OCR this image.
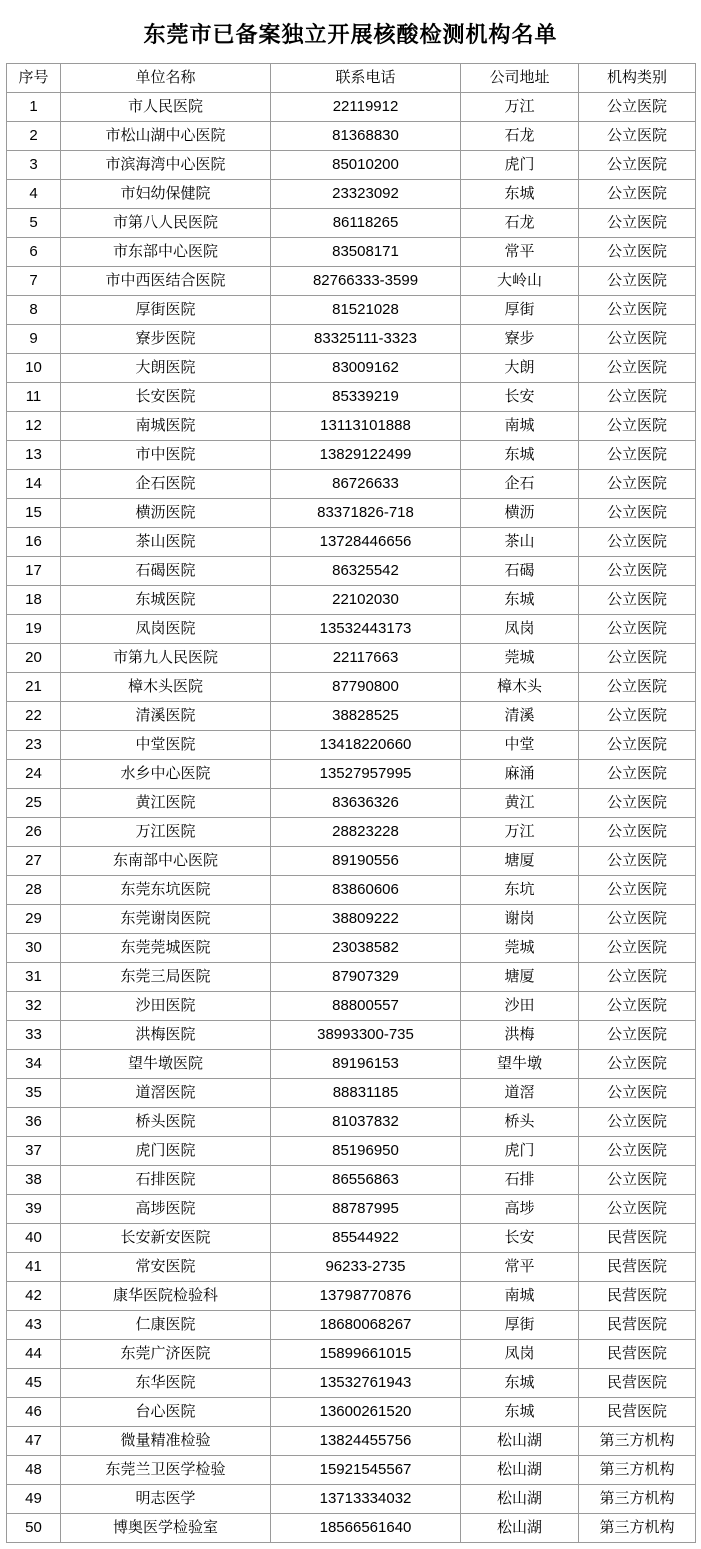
东莞市已备案独立开展核酸检测机构名单
序号	单位名称	联系电话	公司地址	机构类别
1	市人民医院	22119912	万江	公立医院
2	市松山湖中心医院	81368830	石龙	公立医院
3	市滨海湾中心医院	85010200	虎门	公立医院
4	市妇幼保健院	23323092	东城	公立医院
5	市第八人民医院	86118265	石龙	公立医院
6	市东部中心医院	83508171	常平	公立医院
7	市中西医结合医院	82766333-3599	大岭山	公立医院
8	厚街医院	81521028	厚街	公立医院
9	寮步医院	83325111-3323	寮步	公立医院
10	大朗医院	83009162	大朗	公立医院
11	长安医院	85339219	长安	公立医院
12	南城医院	13113101888	南城	公立医院
13	市中医院	13829122499	东城	公立医院
14	企石医院	86726633	企石	公立医院
15	横沥医院	83371826-718	横沥	公立医院
16	茶山医院	13728446656	茶山	公立医院
17	石碣医院	86325542	石碣	公立医院
18	东城医院	22102030	东城	公立医院
19	凤岗医院	13532443173	凤岗	公立医院
20	市第九人民医院	22117663	莞城	公立医院
21	樟木头医院	87790800	樟木头	公立医院
22	清溪医院	38828525	清溪	公立医院
23	中堂医院	13418220660	中堂	公立医院
24	水乡中心医院	13527957995	麻涌	公立医院
25	黄江医院	83636326	黄江	公立医院
26	万江医院	28823228	万江	公立医院
27	东南部中心医院	89190556	塘厦	公立医院
28	东莞东坑医院	83860606	东坑	公立医院
29	东莞谢岗医院	38809222	谢岗	公立医院
30	东莞莞城医院	23038582	莞城	公立医院
31	东莞三局医院	87907329	塘厦	公立医院
32	沙田医院	88800557	沙田	公立医院
33	洪梅医院	38993300-735	洪梅	公立医院
34	望牛墩医院	89196153	望牛墩	公立医院
35	道滘医院	88831185	道滘	公立医院
36	桥头医院	81037832	桥头	公立医院
37	虎门医院	85196950	虎门	公立医院
38	石排医院	86556863	石排	公立医院
39	高埗医院	88787995	高埗	公立医院
40	长安新安医院	85544922	长安	民营医院
41	常安医院	96233-2735	常平	民营医院
42	康华医院检验科	13798770876	南城	民营医院
43	仁康医院	18680068267	厚街	民营医院
44	东莞广济医院	15899661015	凤岗	民营医院
45	东华医院	13532761943	东城	民营医院
46	台心医院	13600261520	东城	民营医院
47	微量精准检验	13824455756	松山湖	第三方机构
48	东莞兰卫医学检验	15921545567	松山湖	第三方机构
49	明志医学	13713334032	松山湖	第三方机构
50	博奥医学检验室	18566561640	松山湖	第三方机构
